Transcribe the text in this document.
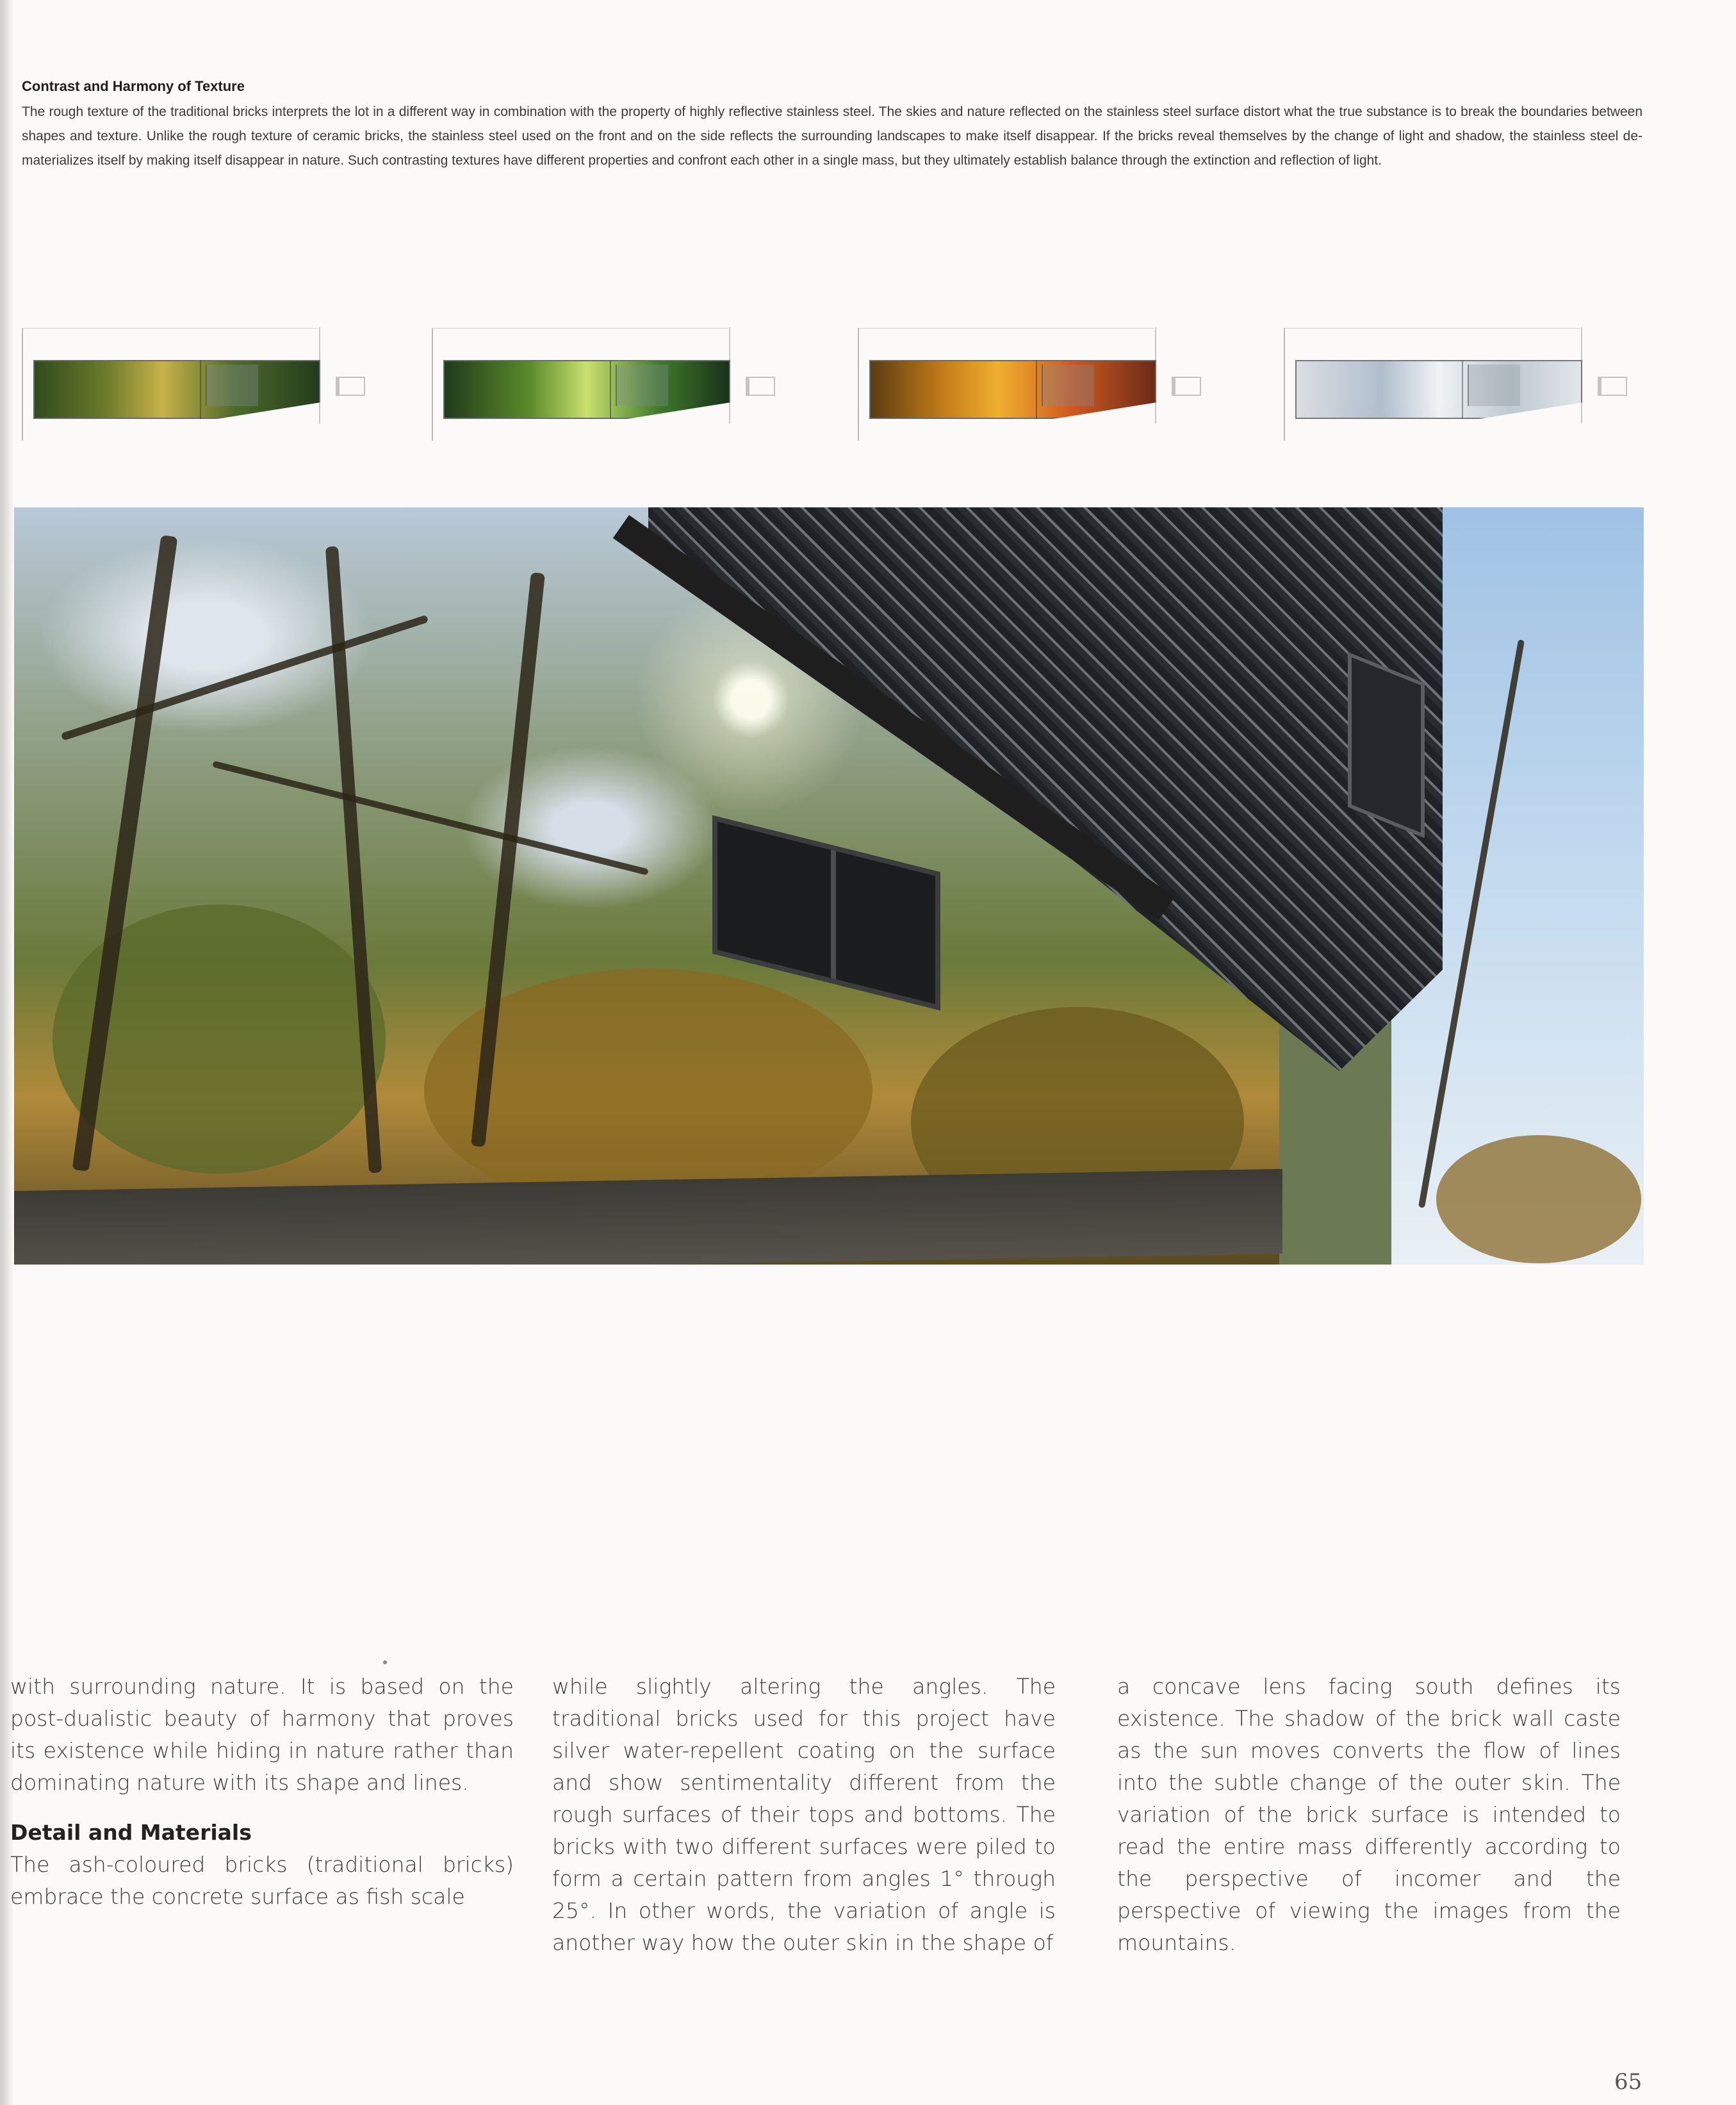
Contrast and Harmony of Texture

The rough texture of the traditional bricks interprets the lot in a different way in combination with the property of highly reflective stainless steel. The skies and nature reflected on the stainless steel surface distort what the true substance is to break the boundaries between shapes and texture. Unlike the rough texture of ceramic bricks, the stainless steel used on the front and on the side reflects the surrounding landscapes to make itself disappear. If the bricks reveal themselves by the change of light and shadow, the stainless steel de-materializes itself by making itself disappear in nature. Such contrasting textures have different properties and confront each other in a single mass, but they ultimately establish balance through the extinction and reflection of light.

with surrounding nature. It is based on the post-dualistic beauty of harmony that proves its existence while hiding in nature rather than dominating nature with its shape and lines.

Detail and Materials

The ash-coloured bricks (traditional bricks) embrace the concrete surface as fish scale

while slightly altering the angles. The traditional bricks used for this project have silver water-repellent coating on the surface and show sentimentality different from the rough surfaces of their tops and bottoms. The bricks with two different surfaces were piled to form a certain pattern from angles 1° through 25°. In other words, the variation of angle is another way how the outer skin in the shape of

a concave lens facing south defines its existence. The shadow of the brick wall caste as the sun moves converts the flow of lines into the subtle change of the outer skin. The variation of the brick surface is intended to read the entire mass differently according to the perspective of incomer and the perspective of viewing the images from the mountains.

65
